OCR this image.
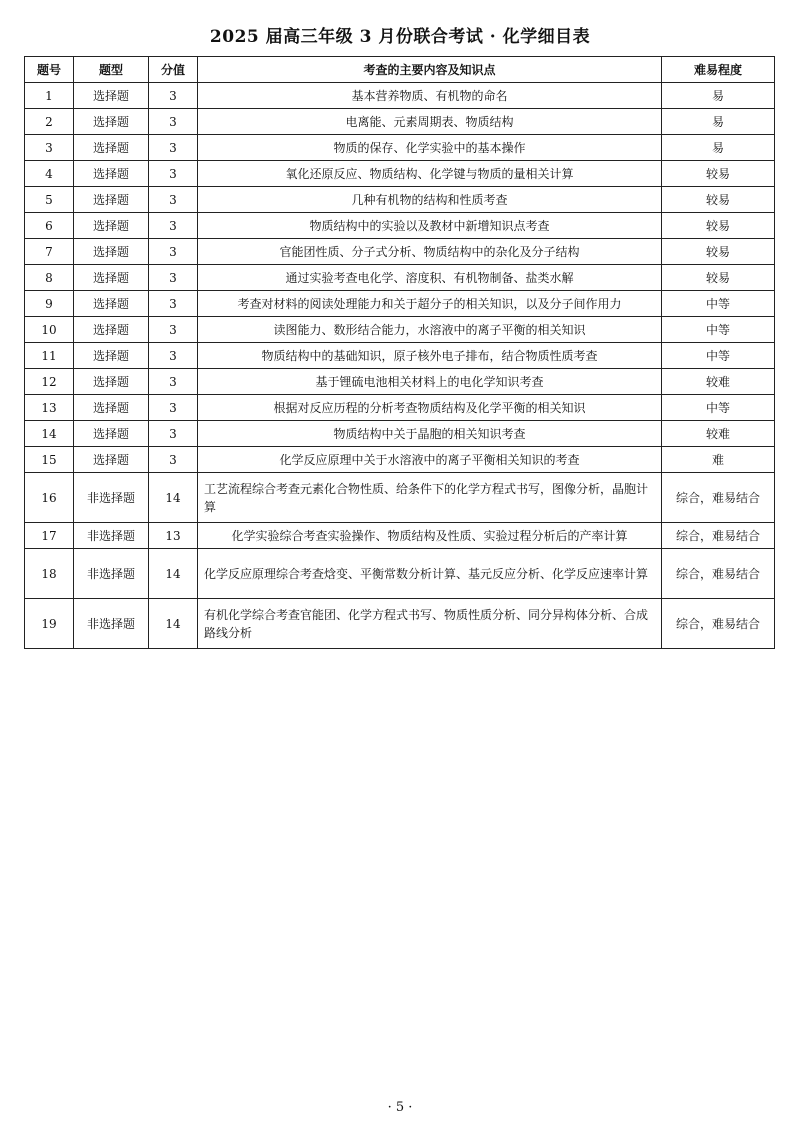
2025 届高三年级 3 月份联合考试 · 化学细目表
题号	题型	分值	考查的主要内容及知识点	难易程度
1	选择题	3	基本营养物质、有机物的命名	易
2	选择题	3	电离能、元素周期表、物质结构	易
3	选择题	3	物质的保存、化学实验中的基本操作	易
4	选择题	3	氧化还原反应、物质结构、化学键与物质的量相关计算	较易
5	选择题	3	几种有机物的结构和性质考查	较易
6	选择题	3	物质结构中的实验以及教材中新增知识点考查	较易
7	选择题	3	官能团性质、分子式分析、物质结构中的杂化及分子结构	较易
8	选择题	3	通过实验考查电化学、溶度积、有机物制备、盐类水解	较易
9	选择题	3	考查对材料的阅读处理能力和关于超分子的相关知识，以及分子间作用力	中等
10	选择题	3	读图能力、数形结合能力，水溶液中的离子平衡的相关知识	中等
11	选择题	3	物质结构中的基础知识，原子核外电子排布，结合物质性质考查	中等
12	选择题	3	基于锂硫电池相关材料上的电化学知识考查	较难
13	选择题	3	根据对反应历程的分析考查物质结构及化学平衡的相关知识	中等
14	选择题	3	物质结构中关于晶胞的相关知识考查	较难
15	选择题	3	化学反应原理中关于水溶液中的离子平衡相关知识的考查	难
16	非选择题	14	工艺流程综合考查元素化合物性质、给条件下的化学方程式书写，图像分析，晶胞计算	综合，难易结合
17	非选择题	13	化学实验综合考查实验操作、物质结构及性质、实验过程分析后的产率计算	综合，难易结合
18	非选择题	14	化学反应原理综合考查焓变、平衡常数分析计算、基元反应分析、化学反应速率计算	综合，难易结合
19	非选择题	14	有机化学综合考查官能团、化学方程式书写、物质性质分析、同分异构体分析、合成路线分析	综合，难易结合
· 5 ·
